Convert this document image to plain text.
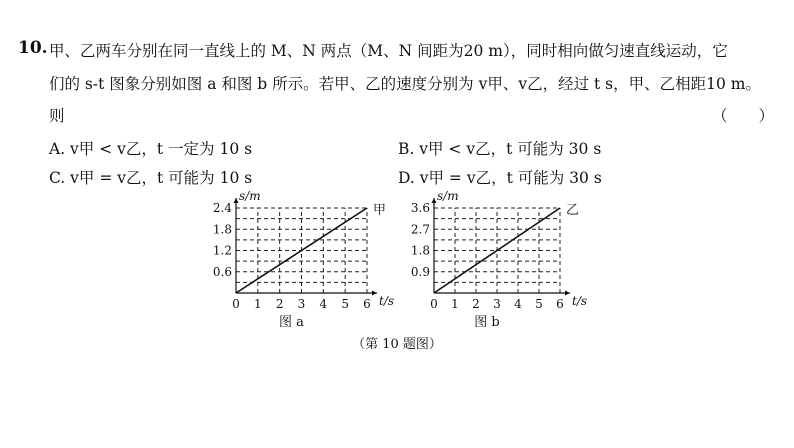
10. 甲、乙两车分别在同一直线上的 M、N 两点（M、N 间距为20 m），同时相向做匀速直线运动，它
们的 s-t 图象分别如图 a 和图 b 所示。若甲、乙的速度分别为 v甲、v乙，经过 t s，甲、乙相距10 m。
则	（　　）
A. v甲 < v乙，t 一定为 10 s	B. v甲 < v乙，t 可能为 30 s
C. v甲 = v乙，t 可能为 10 s	D. v甲 = v乙，t 可能为 30 s
0 1 2 3 4 5 6
0.6
1.2
1.8
2.4
s/m
t/s
甲
图 a
0 1 2 3 4 5 6
0.9
1.8
2.7
3.6
s/m
t/s
乙
图 b
（第 10 题图）
